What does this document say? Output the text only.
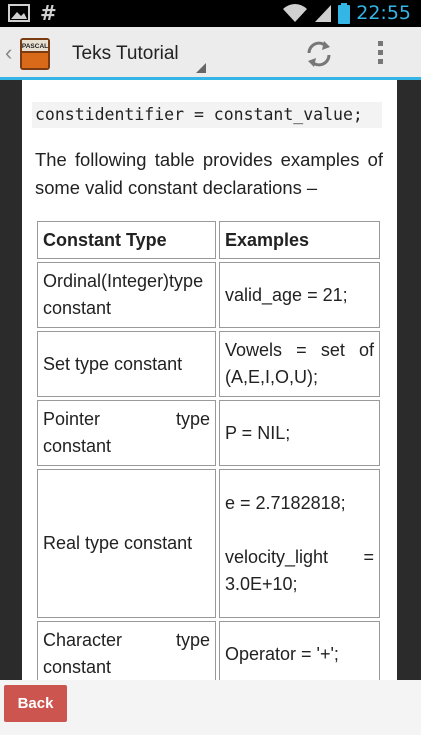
#	22:55
‹ PASCAL Teks Tutorial
constidentifier = constant_value;
The following table provides examples of some valid constant declarations –
Constant Type	Examples
Ordinal(Integer)type constant	valid_age = 21;
Set type constant	Vowels = set of (A,E,I,O,U);
Pointer type constant	P = NIL;
Real type constant	e = 2.7182818;
velocity_light = 3.0E+10;

Character type constant	Operator = '+';
Back
